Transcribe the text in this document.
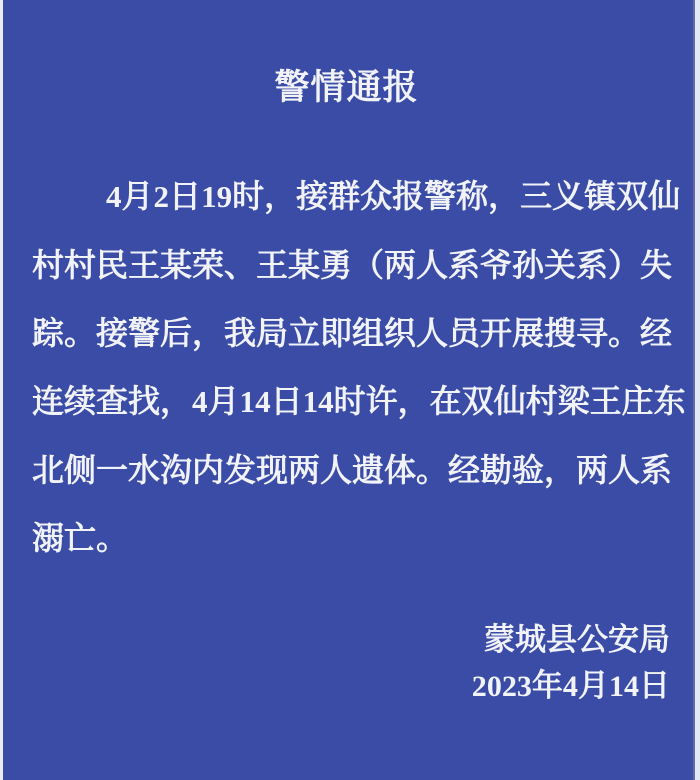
警情通报
4月2日19时，接群众报警称，三义镇双仙
村村民王某荣、王某勇（两人系爷孙关系）失
踪。接警后，我局立即组织人员开展搜寻。经
连续查找，4月14日14时许，在双仙村梁王庄东
北侧一水沟内发现两人遗体。经勘验，两人系
溺亡。
蒙城县公安局
2023年4月14日
